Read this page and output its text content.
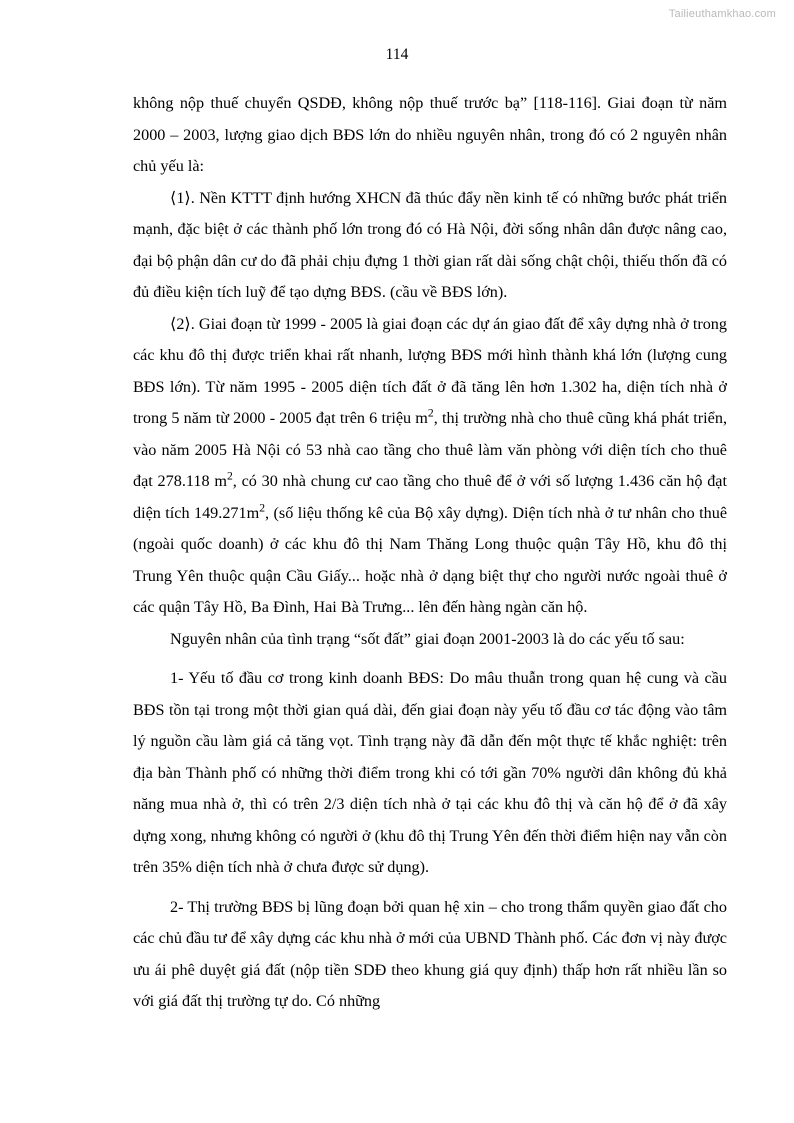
Tailieuthamkhao.com
114

không nộp thuế chuyển QSDĐ, không nộp thuế trước bạ” [118-116]. Giai đoạn từ năm 2000 – 2003, lượng giao dịch BĐS lớn do nhiều nguyên nhân, trong đó có 2 nguyên nhân chủ yếu là:

⟨1⟩. Nền KTTT định hướng XHCN đã thúc đẩy nền kinh tế có những bước phát triển mạnh, đặc biệt ở các thành phố lớn trong đó có Hà Nội, đời sống nhân dân được nâng cao, đại bộ phận dân cư do đã phải chịu đựng 1 thời gian rất dài sống chật chội, thiếu thốn đã có đủ điều kiện tích luỹ để tạo dựng BĐS. (cầu về BĐS lớn).

⟨2⟩. Giai đoạn từ 1999 - 2005 là giai đoạn các dự án giao đất để xây dựng nhà ở trong các khu đô thị được triển khai rất nhanh, lượng BĐS mới hình thành khá lớn (lượng cung BĐS lớn). Từ năm 1995 - 2005 diện tích đất ở đã tăng lên hơn 1.302 ha, diện tích nhà ở trong 5 năm từ 2000 - 2005 đạt trên 6 triệu $m^2$, thị trường nhà cho thuê cũng khá phát triển, vào năm 2005 Hà Nội có 53 nhà cao tầng cho thuê làm văn phòng với diện tích cho thuê đạt 278.118 $m^2$, có 30 nhà chung cư cao tầng cho thuê để ở với số lượng 1.436 căn hộ đạt diện tích $149.271m^2$, (số liệu thống kê của Bộ xây dựng). Diện tích nhà ở tư nhân cho thuê (ngoài quốc doanh) ở các khu đô thị Nam Thăng Long thuộc quận Tây Hồ, khu đô thị Trung Yên thuộc quận Cầu Giấy... hoặc nhà ở dạng biệt thự cho người nước ngoài thuê ở các quận Tây Hồ, Ba Đình, Hai Bà Trưng... lên đến hàng ngàn căn hộ.

Nguyên nhân của tình trạng “sốt đất” giai đoạn 2001-2003 là do các yếu tố sau:

1- Yếu tố đầu cơ trong kinh doanh BĐS: Do mâu thuẫn trong quan hệ cung và cầu BĐS tồn tại trong một thời gian quá dài, đến giai đoạn này yếu tố đầu cơ tác động vào tâm lý nguồn cầu làm giá cả tăng vọt. Tình trạng này đã dẫn đến một thực tế khắc nghiệt: trên địa bàn Thành phố có những thời điểm trong khi có tới gần 70% người dân không đủ khả năng mua nhà ở, thì có trên 2/3 diện tích nhà ở tại các khu đô thị và căn hộ để ở đã xây dựng xong, nhưng không có người ở (khu đô thị Trung Yên đến thời điểm hiện nay vẫn còn trên 35% diện tích nhà ở chưa được sử dụng).

2- Thị trường BĐS bị lũng đoạn bởi quan hệ xin – cho trong thẩm quyền giao đất cho các chủ đầu tư để xây dựng các khu nhà ở mới của UBND Thành phố. Các đơn vị này được ưu ái phê duyệt giá đất (nộp tiền SDĐ theo khung giá quy định) thấp hơn rất nhiều lần so với giá đất thị trường tự do. Có những
